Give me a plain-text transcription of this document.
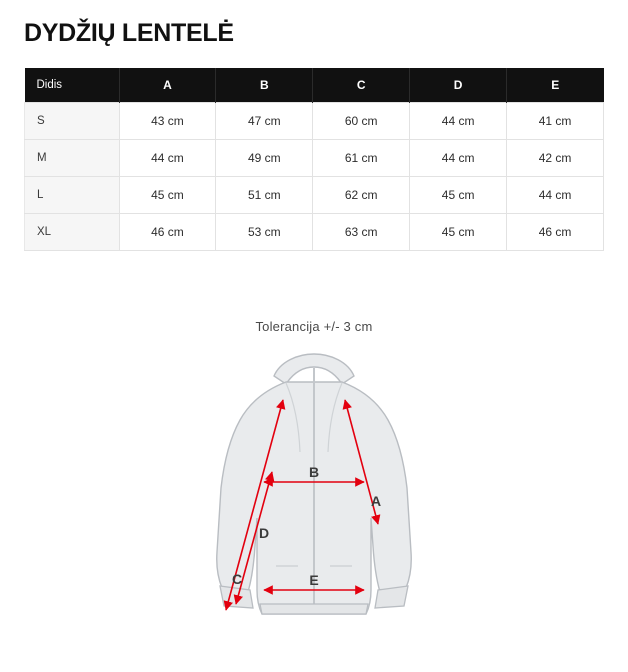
DYDŽIŲ LENTELĖ
Didis	A	B	C	D	E
S	43 cm	47 cm	60 cm	44 cm	41 cm
M	44 cm	49 cm	61 cm	44 cm	42 cm
L	45 cm	51 cm	62 cm	45 cm	44 cm
XL	46 cm	53 cm	63 cm	45 cm	46 cm
Tolerancija +/- 3 cm
A
B
C
D
E
